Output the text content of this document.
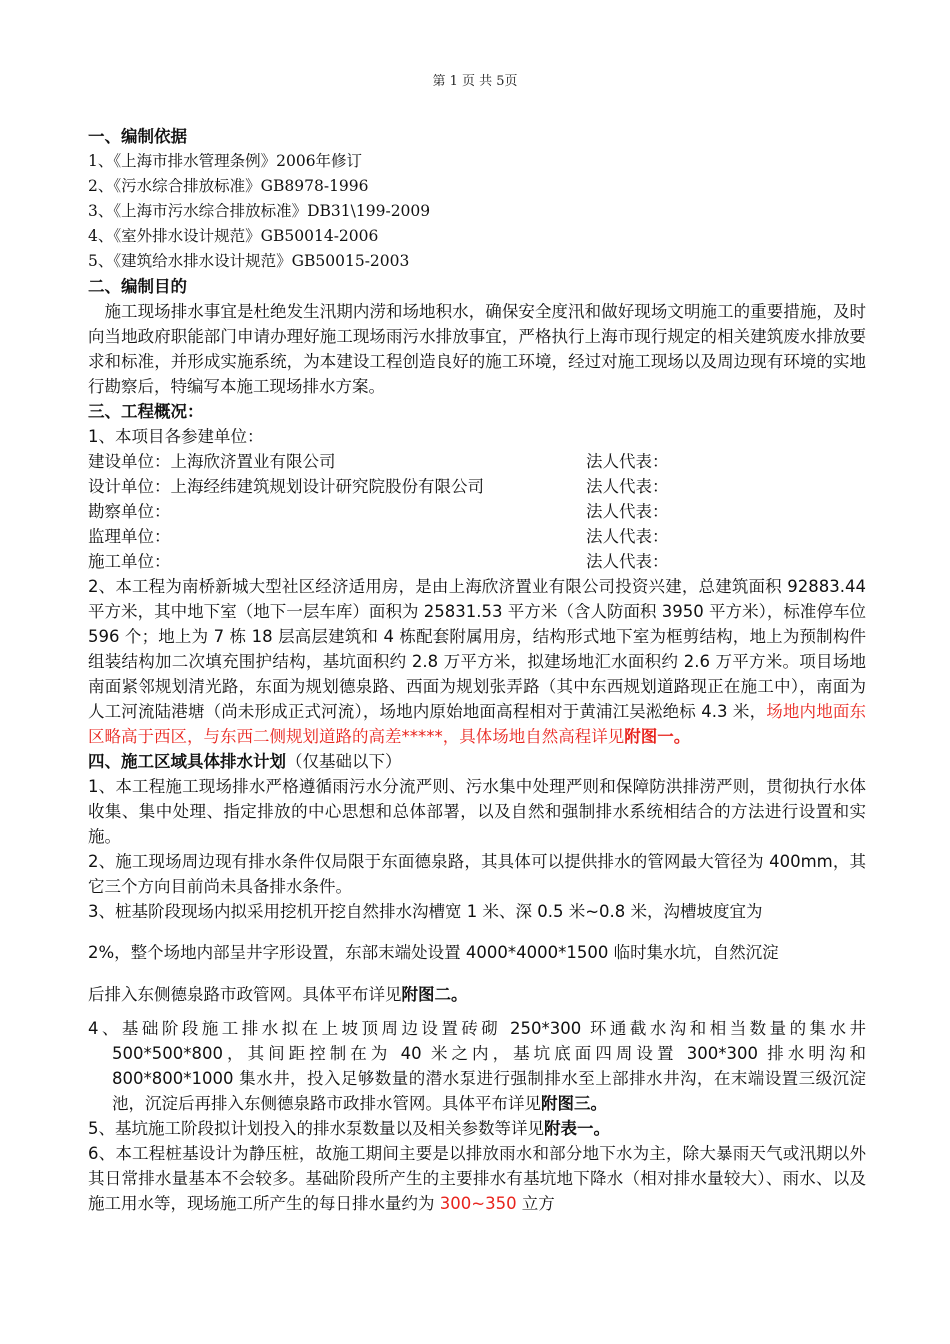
第 1 页 共 5页
一、编制依据
1、《上海市排水管理条例》2006年修订
2、《污水综合排放标准》GB8978-1996
3、《上海市污水综合排放标准》DB31\199-2009
4、《室外排水设计规范》GB50014-2006
5、《建筑给水排水设计规范》GB50015-2003
二、编制目的
施工现场排水事宜是杜绝发生汛期内涝和场地积水，确保安全度汛和做好现场文明施工的重要措施，及时向当地政府职能部门申请办理好施工现场雨污水排放事宜，严格执行上海市现行规定的相关建筑废水排放要求和标准，并形成实施系统，为本建设工程创造良好的施工环境，经过对施工现场以及周边现有环境的实地行勘察后，特编写本施工现场排水方案。
三、工程概况：
1、本项目各参建单位：
建设单位：上海欣济置业有限公司	法人代表：
设计单位：上海经纬建筑规划设计研究院股份有限公司	法人代表：
勘察单位：	法人代表：
监理单位：	法人代表：
施工单位：	法人代表：
2、本工程为南桥新城大型社区经济适用房，是由上海欣济置业有限公司投资兴建，总建筑面积 92883.44 平方米，其中地下室（地下一层车库）面积为 25831.53 平方米（含人防面积 3950 平方米），标准停车位 596 个；地上为 7 栋 18 层高层建筑和 4 栋配套附属用房，结构形式地下室为框剪结构，地上为预制构件组装结构加二次填充围护结构，基坑面积约 2.8 万平方米，拟建场地汇水面积约 2.6 万平方米。项目场地南面紧邻规划清光路，东面为规划德泉路、西面为规划张弄路（其中东西规划道路现正在施工中），南面为人工河流陆港塘（尚未形成正式河流），场地内原始地面高程相对于黄浦江吴淞绝标 4.3 米，场地内地面东区略高于西区，与东西二侧规划道路的高差*****，具体场地自然高程详见附图一。
四、施工区域具体排水计划（仅基础以下）
1、本工程施工现场排水严格遵循雨污水分流严则、污水集中处理严则和保障防洪排涝严则，贯彻执行水体收集、集中处理、指定排放的中心思想和总体部署，以及自然和强制排水系统相结合的方法进行设置和实施。
2、施工现场周边现有排水条件仅局限于东面德泉路，其具体可以提供排水的管网最大管径为 400mm，其它三个方向目前尚未具备排水条件。
3、桩基阶段现场内拟采用挖机开挖自然排水沟槽宽 1 米、深 0.5 米~0.8 米，沟槽坡度宜为
2%，整个场地内部呈井字形设置，东部末端处设置 4000*4000*1500 临时集水坑，自然沉淀
后排入东侧德泉路市政管网。具体平布详见附图二。
4、基础阶段施工排水拟在上坡顶周边设置砖砌 250*300 环通截水沟和相当数量的集水井 500*500*800，其间距控制在为 40 米之内，基坑底面四周设置 300*300 排水明沟和 800*800*1000 集水井，投入足够数量的潜水泵进行强制排水至上部排水井沟，在末端设置三级沉淀池，沉淀后再排入东侧德泉路市政排水管网。具体平布详见附图三。
5、基坑施工阶段拟计划投入的排水泵数量以及相关参数等详见附表一。
6、本工程桩基设计为静压桩，故施工期间主要是以排放雨水和部分地下水为主，除大暴雨天气或汛期以外其日常排水量基本不会较多。基础阶段所产生的主要排水有基坑地下降水（相对排水量较大）、雨水、以及施工用水等，现场施工所产生的每日排水量约为 300~350 立方
